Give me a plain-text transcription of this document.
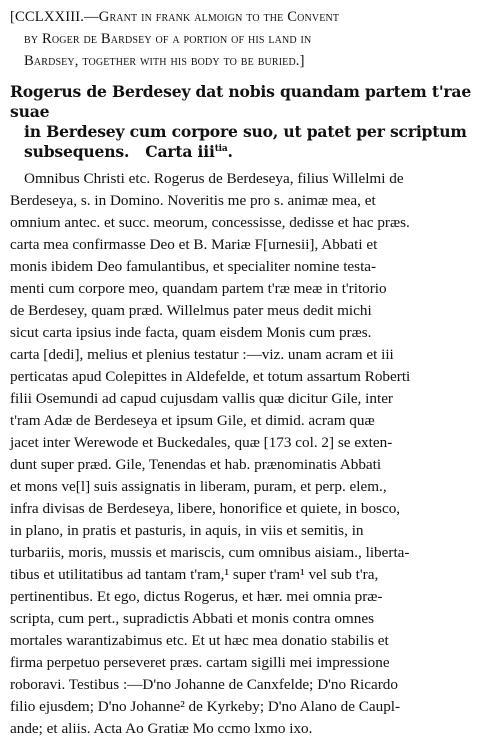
[CCLXXIII.—Grant in frank almoign to the Convent
by Roger de Bardsey of a portion of his land in
Bardsey, together with his body to be buried.]
Rogerus de Berdesey dat nobis quandam partem t'rae suae
in Berdesey cum corpore suo, ut patet per scriptum
subsequens. Carta iii$^{tia}$.
Omnibus Christi etc. Rogerus de Berdeseya, filius Willelmi de
Berdeseya, s. in Domino. Noveritis me pro s. animæ mea, et
omnium antec. et succ. meorum, concessisse, dedisse et hac præs.
carta mea confirmasse Deo et B. Mariæ F[urnesii], Abbati et
monis ibidem Deo famulantibus, et specialiter nomine testa-
menti cum corpore meo, quandam partem t'ræ meæ in t'ritorio
de Berdesey, quam præd. Willelmus pater meus dedit michi
sicut carta ipsius inde facta, quam eisdem Monis cum præs.
carta [dedi], melius et plenius testatur :—viz. unam acram et iii
perticatas apud Colepittes in Aldefelde, et totum assartum Roberti
filii Osemundi ad capud cujusdam vallis quæ dicitur Gile, inter
t'ram Adæ de Berdeseya et ipsum Gile, et dimid. acram quæ
jacet inter Werewode et Buckedales, quæ [173 col. 2] se exten-
dunt super præd. Gile, Tenendas et hab. prænominatis Abbati
et mons ve[l] suis assignatis in liberam, puram, et perp. elem.,
infra divisas de Berdeseya, libere, honorifice et quiete, in bosco,
in plano, in pratis et pasturis, in aquis, in viis et semitis, in
turbariis, moris, mussis et mariscis, cum omnibus aisiam., liberta-
tibus et utilitatibus ad tantam t'ram,¹ super t'ram¹ vel sub t'ra,
pertinentibus. Et ego, dictus Rogerus, et hær. mei omnia præ-
scripta, cum pert., supradictis Abbati et monis contra omnes
mortales warantizabimus etc. Et ut hæc mea donatio stabilis et
firma perpetuo perseveret præs. cartam sigilli mei impressione
roboravi. Testibus :—D'no Johanne de Canxfelde; D'no Ricardo
filio ejusdem; D'no Johanne² de Kyrkeby; D'no Alano de Caupl-
ande; et aliis. Acta Ao Gratiæ Mo ccmo lxmo ixo.
